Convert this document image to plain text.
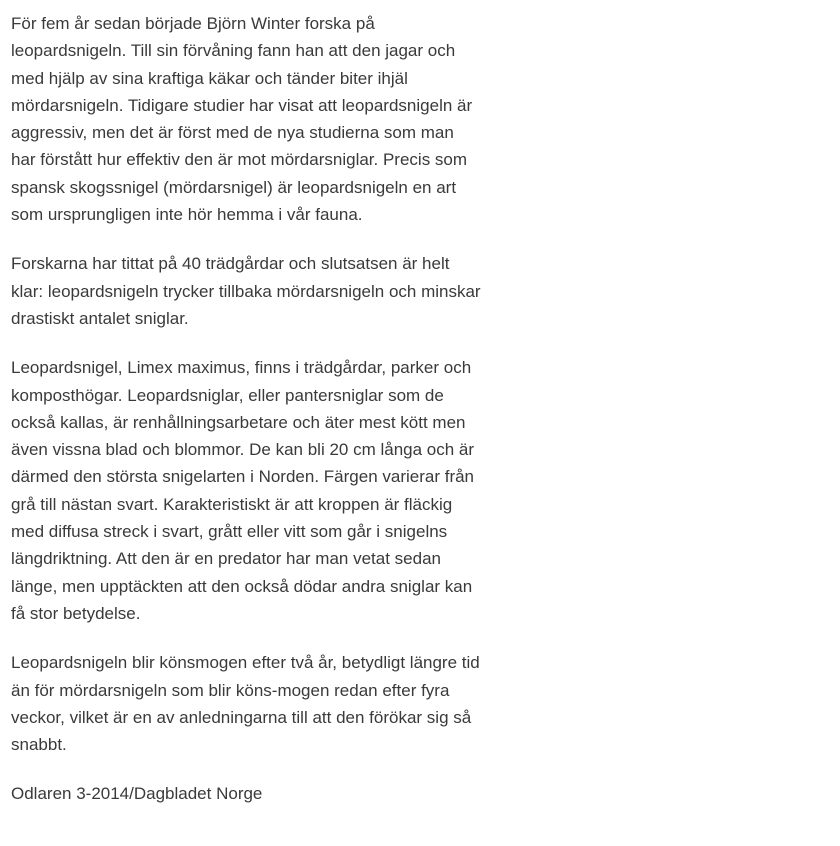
För fem år sedan började Björn Winter forska på leopardsnigeln. Till sin förvåning fann han att den jagar och med hjälp av sina kraftiga käkar och tänder biter ihjäl mördarsnigeln. Tidigare studier har visat att leopardsnigeln är aggressiv, men det är först med de nya studierna som man har förstått hur effektiv den är mot mördarsniglar. Precis som spansk skogssnigel (mördarsnigel) är leopardsnigeln en art som ursprungligen inte hör hemma i vår fauna.

Forskarna har tittat på 40 trädgårdar och slutsatsen är helt klar: leopardsnigeln trycker tillbaka mördarsnigeln och minskar drastiskt antalet sniglar.

Leopardsnigel, Limex maximus, finns i trädgårdar, parker och komposthögar. Leopardsniglar, eller pantersniglar som de också kallas, är renhållningsarbetare och äter mest kött men även vissna blad och blommor. De kan bli 20 cm långa och är därmed den största snigelarten i Norden. Färgen varierar från grå till nästan svart. Karakteristiskt är att kroppen är fläckig med diffusa streck i svart, grått eller vitt som går i snigelns längdriktning. Att den är en predator har man vetat sedan länge, men upptäckten att den också dödar andra sniglar kan få stor betydelse.

Leopardsnigeln blir könsmogen efter två år, betydligt längre tid än för mördarsnigeln som blir köns-mogen redan efter fyra veckor, vilket är en av anledningarna till att den förökar sig så snabbt.

Odlaren 3-2014/Dagbladet Norge
